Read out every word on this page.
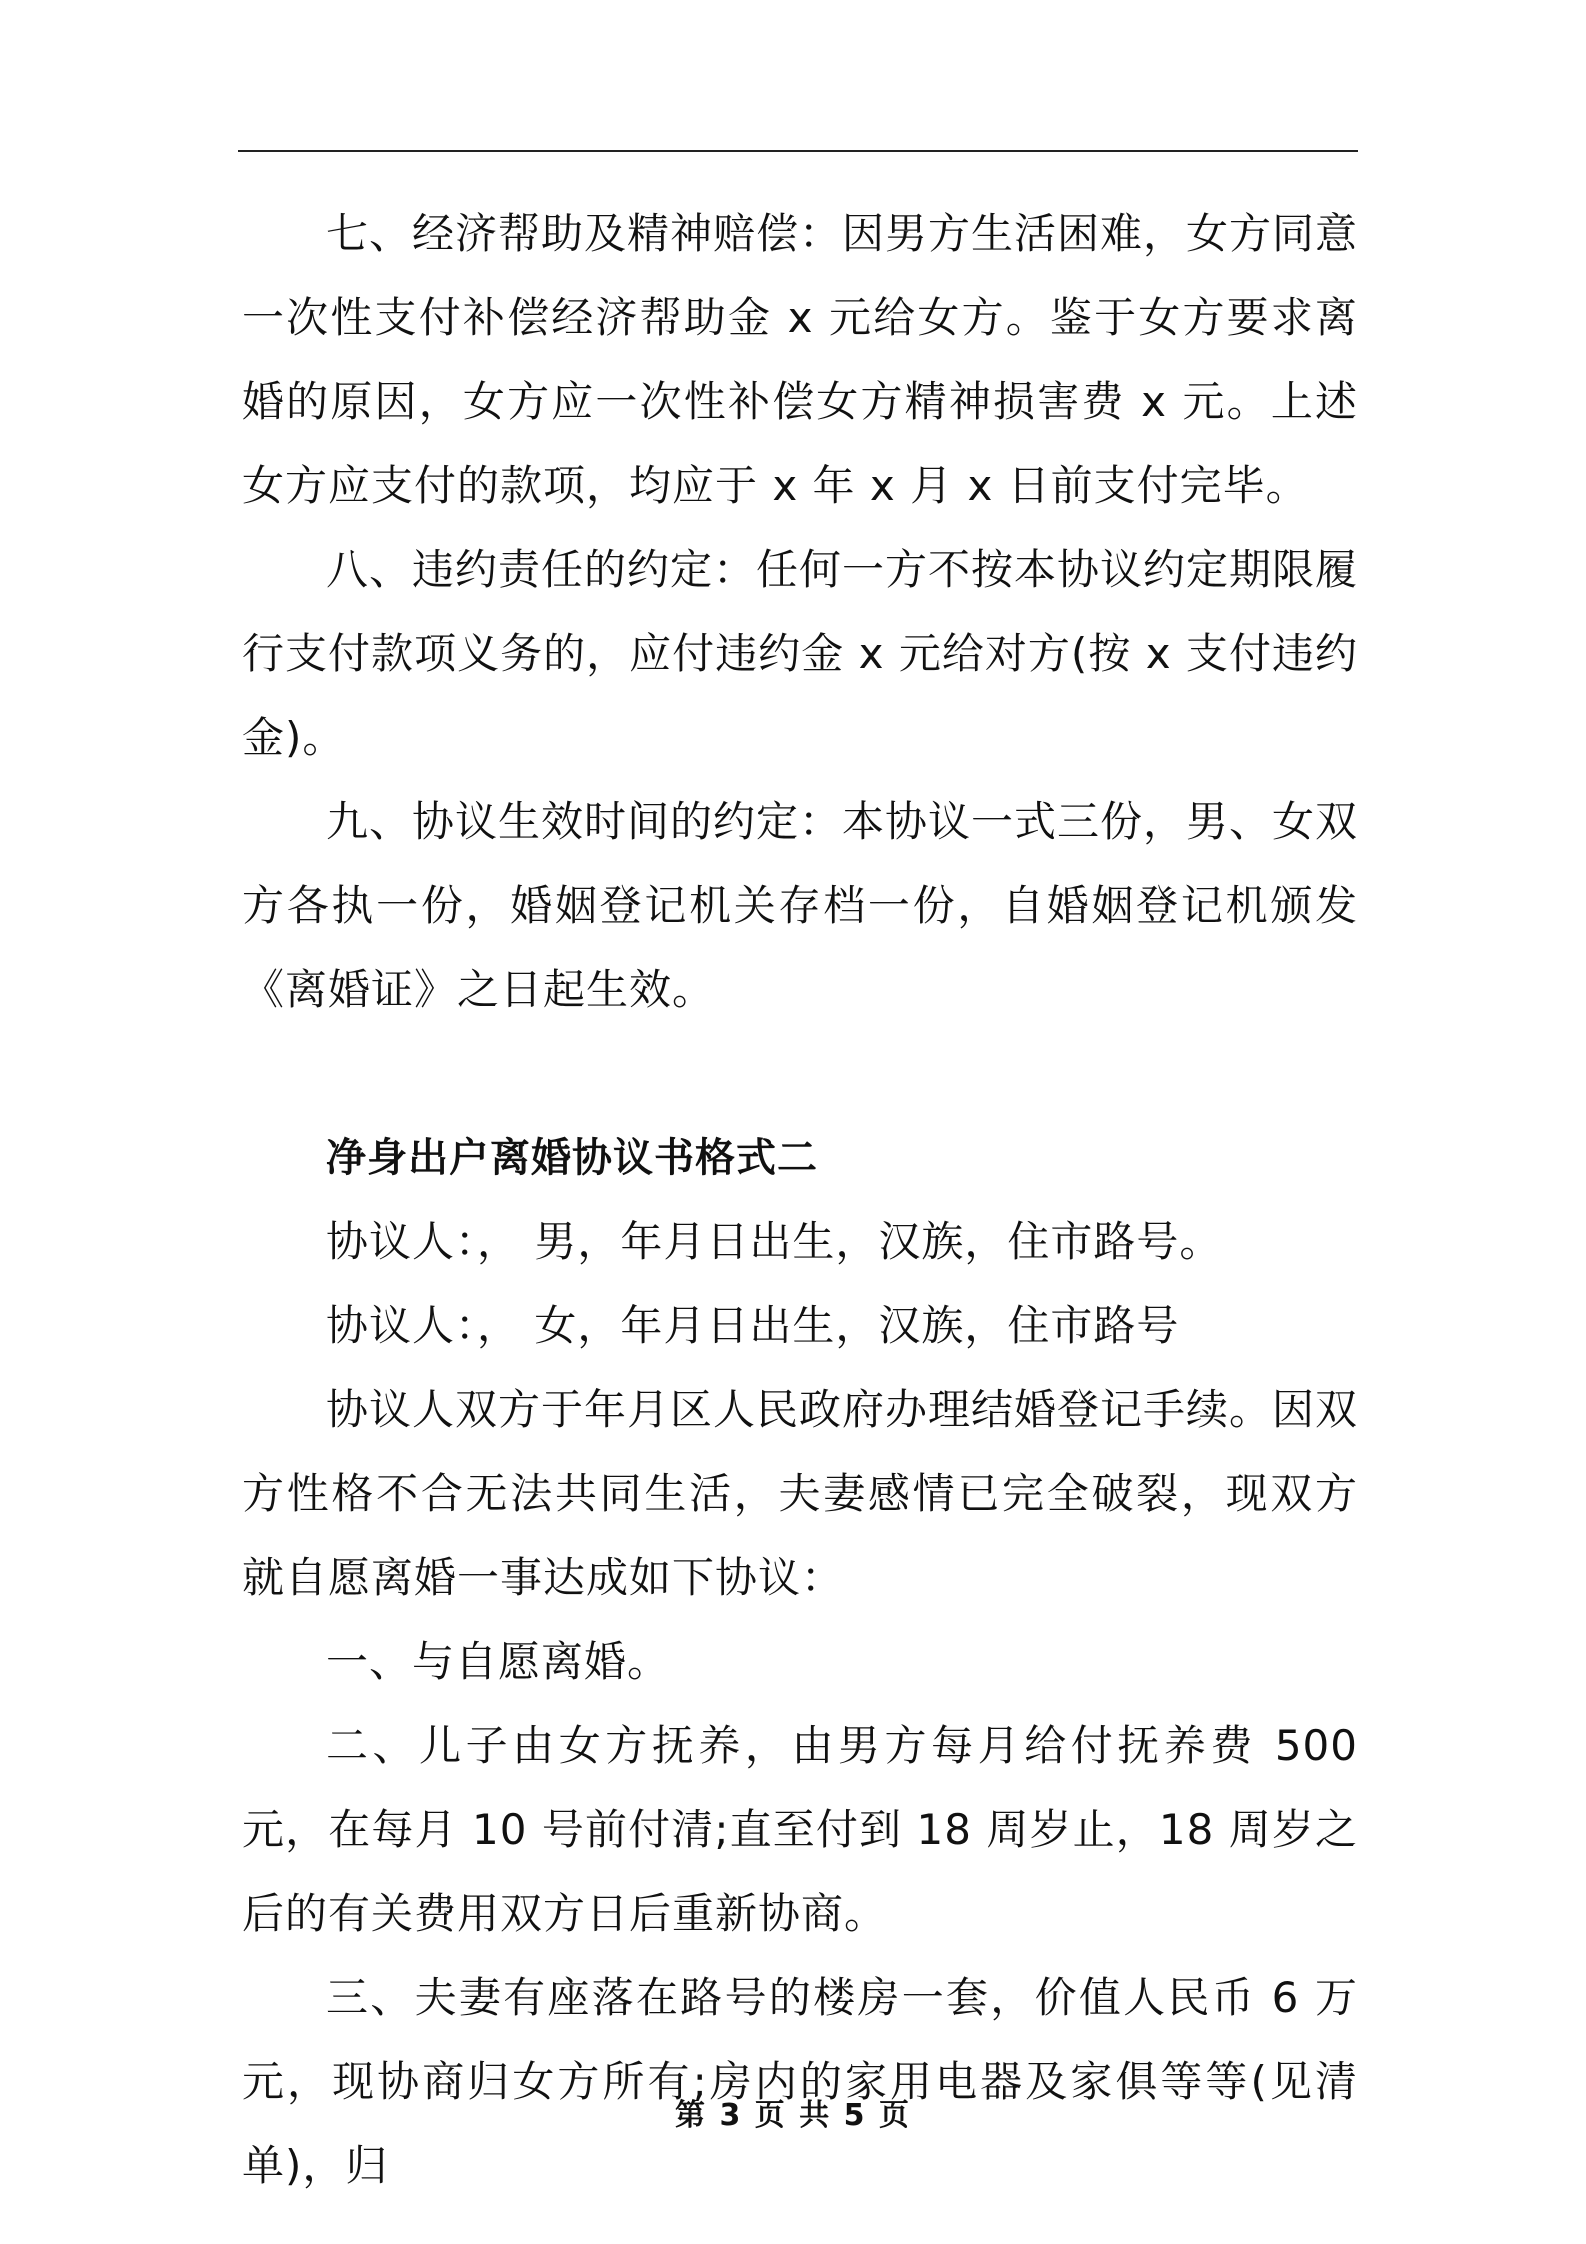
七、经济帮助及精神赔偿：因男方生活困难，女方同意一次性支付补偿经济帮助金 x 元给女方。鉴于女方要求离婚的原因，女方应一次性补偿女方精神损害费 x 元。上述女方应支付的款项，均应于 x 年 x 月 x 日前支付完毕。

八、违约责任的约定：任何一方不按本协议约定期限履行支付款项义务的，应付违约金 x 元给对方(按 x 支付违约金)。

九、协议生效时间的约定：本协议一式三份，男、女双方各执一份，婚姻登记机关存档一份，自婚姻登记机颁发《离婚证》之日起生效。

净身出户离婚协议书格式二

协议人：， 男，年月日出生，汉族，住市路号。

协议人：， 女，年月日出生，汉族，住市路号

协议人双方于年月区人民政府办理结婚登记手续。因双方性格不合无法共同生活，夫妻感情已完全破裂，现双方就自愿离婚一事达成如下协议：

一、与自愿离婚。

二、儿子由女方抚养，由男方每月给付抚养费 500 元，在每月 10 号前付清;直至付到 18 周岁止，18 周岁之后的有关费用双方日后重新协商。

三、夫妻有座落在路号的楼房一套，价值人民币 6 万元，现协商归女方所有;房内的家用电器及家俱等等(见清单)，归

第 3 页 共 5 页
